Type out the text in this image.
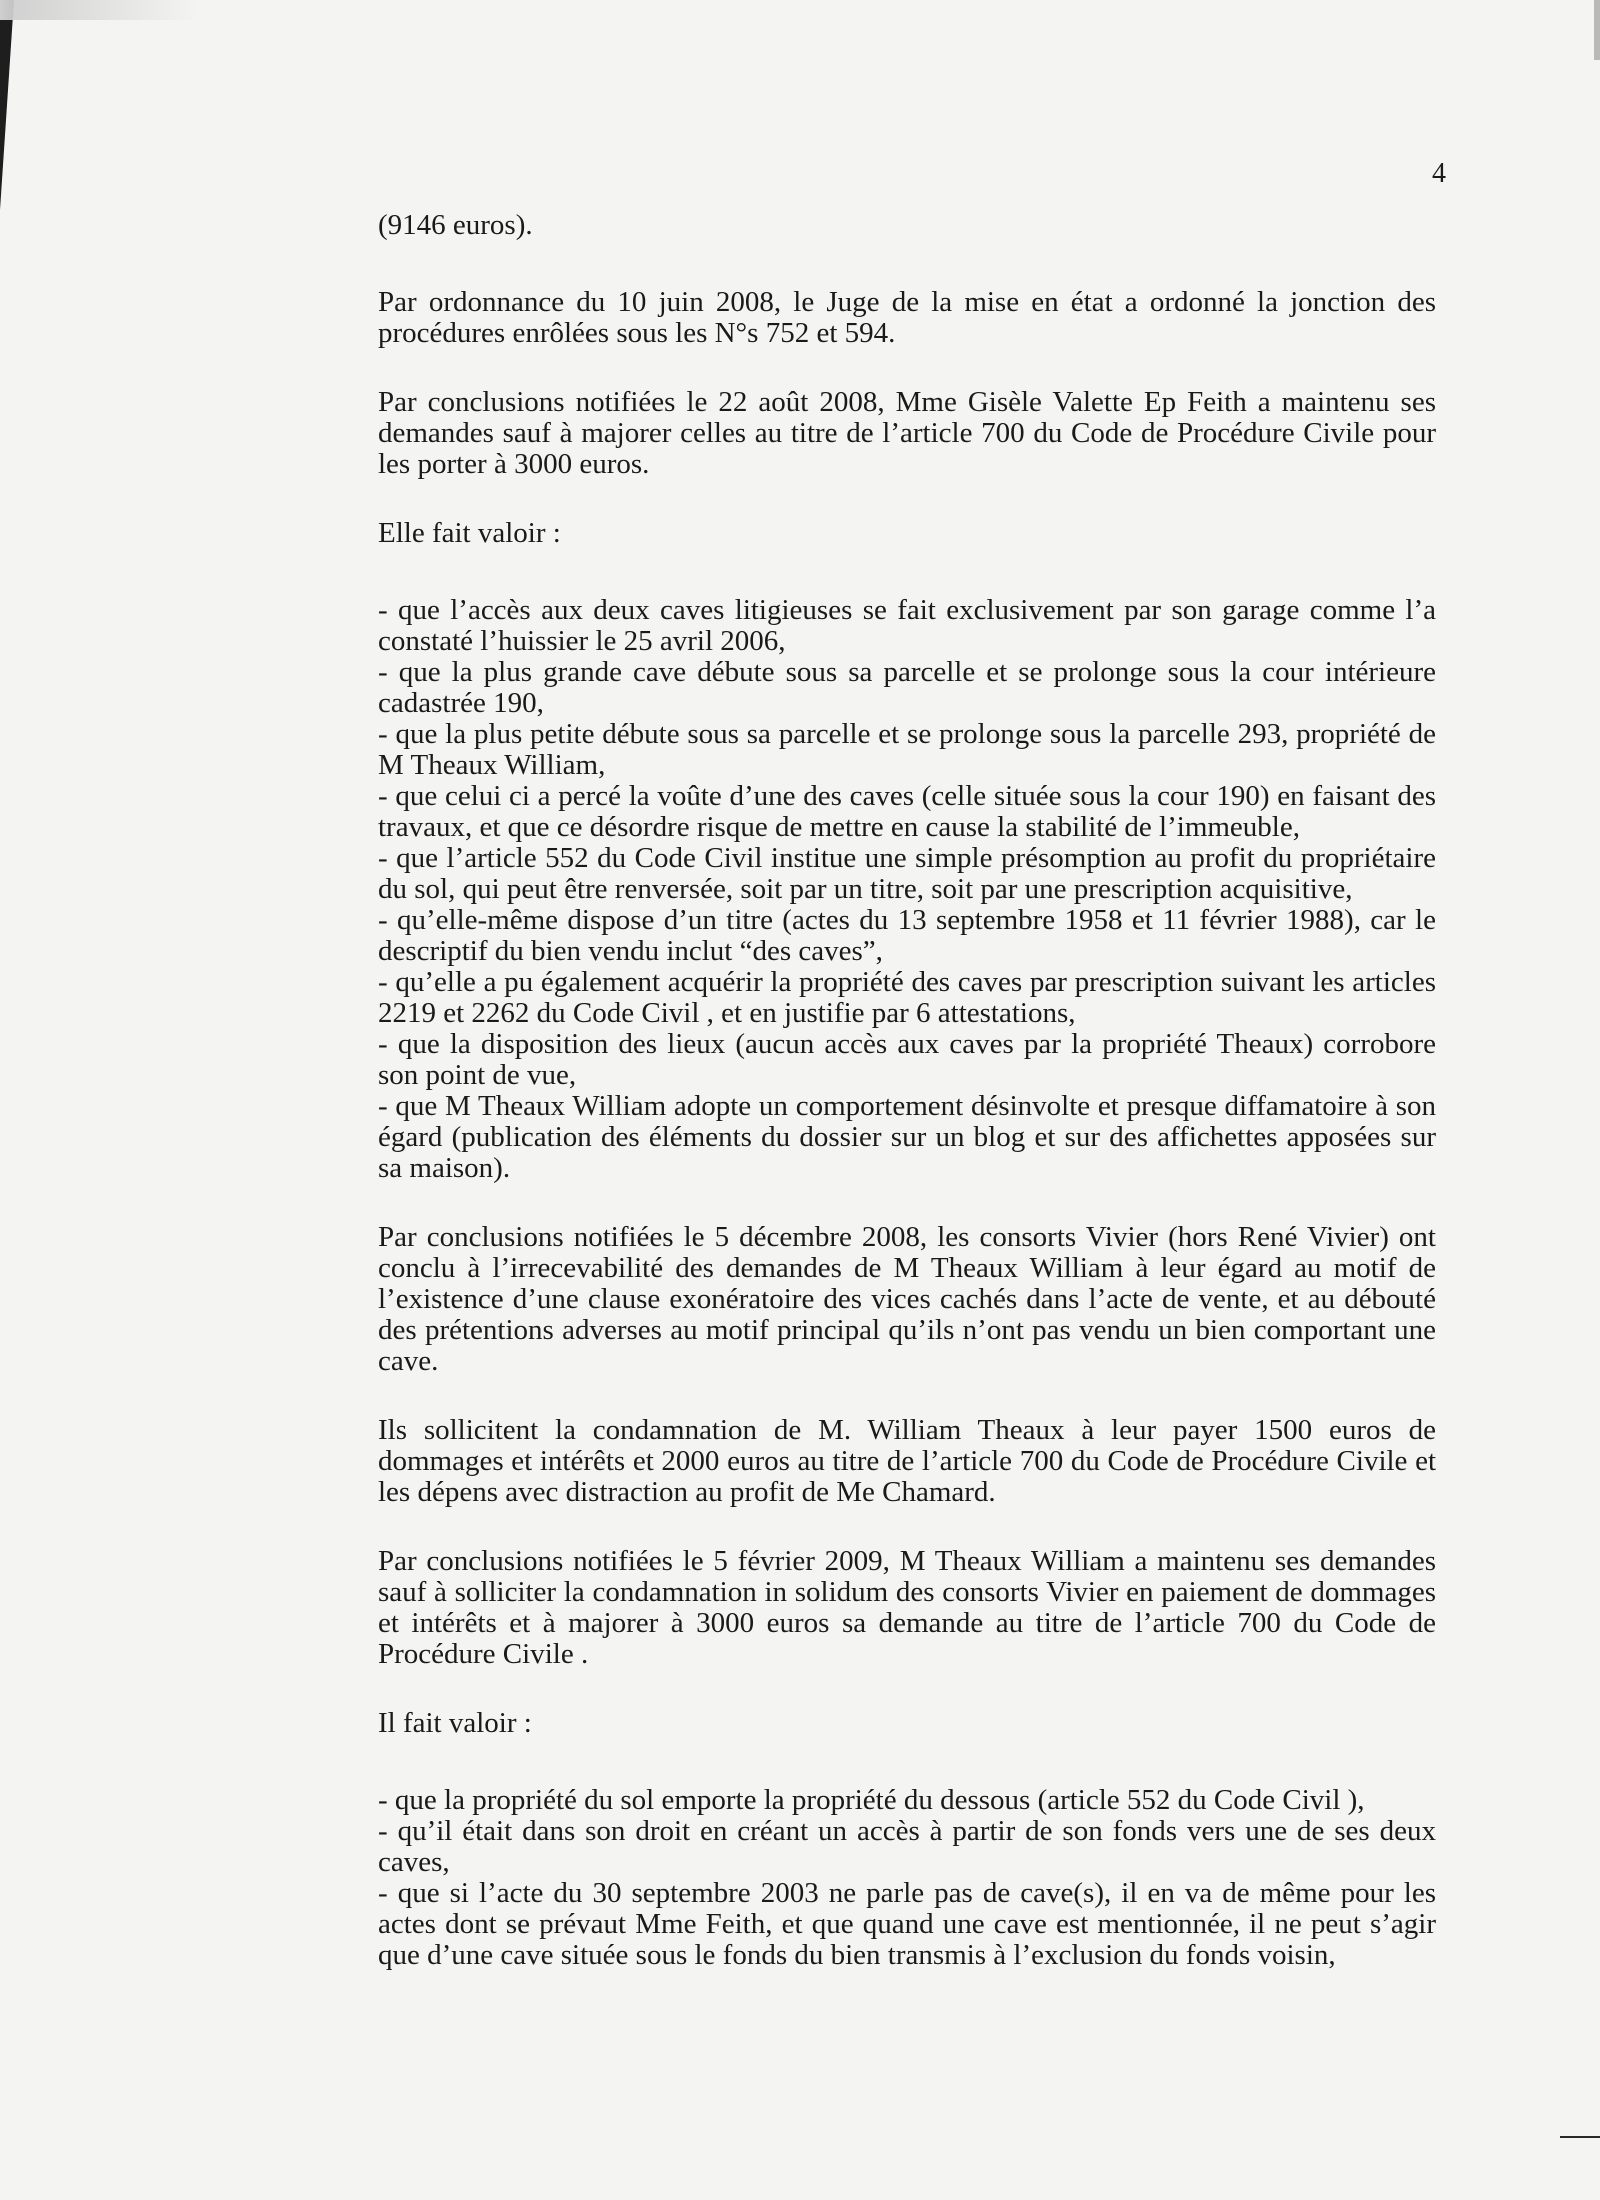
4

(9146 euros).

Par ordonnance du 10 juin 2008, le Juge de la mise en état a ordonné la jonction des procédures enrôlées sous les N°s 752 et 594.

Par conclusions notifiées le 22 août 2008, Mme Gisèle Valette Ep Feith a maintenu ses demandes sauf à majorer celles au titre de l’article 700 du Code de Procédure Civile pour les porter à 3000 euros.

Elle fait valoir :

- que l’accès aux deux caves litigieuses se fait exclusivement par son garage comme l’a constaté l’huissier le 25 avril 2006,

- que la plus grande cave débute sous sa parcelle et se prolonge sous la cour intérieure cadastrée 190,

- que la plus petite débute sous sa parcelle et se prolonge sous la parcelle 293, propriété de M Theaux William,

- que celui ci a percé la voûte d’une des caves (celle située sous la cour 190) en faisant des travaux, et que ce désordre risque de mettre en cause la stabilité de l’immeuble,

- que l’article 552 du Code Civil institue une simple présomption au profit du propriétaire du sol, qui peut être renversée, soit par un titre, soit par une prescription acquisitive,

- qu’elle-même dispose d’un titre (actes du 13 septembre 1958 et 11 février 1988), car le descriptif du bien vendu inclut “des caves”,

- qu’elle a pu également acquérir la propriété des caves par prescription suivant les articles 2219 et 2262 du Code Civil , et en justifie par 6 attestations,

- que la disposition des lieux (aucun accès aux caves par la propriété Theaux) corrobore son point de vue,

- que M Theaux William adopte un comportement désinvolte et presque diffamatoire à son égard (publication des éléments du dossier sur un blog et sur des affichettes apposées sur sa maison).

Par conclusions notifiées le 5 décembre 2008, les consorts Vivier (hors René Vivier) ont conclu à l’irrecevabilité des demandes de M Theaux William à leur égard au motif de l’existence d’une clause exonératoire des vices cachés dans l’acte de vente, et au débouté des prétentions adverses au motif principal qu’ils n’ont pas vendu un bien comportant une cave.

Ils sollicitent la condamnation de M. William Theaux à leur payer 1500 euros de dommages et intérêts et 2000 euros au titre de l’article 700 du Code de Procédure Civile et les dépens avec distraction au profit de Me Chamard.

Par conclusions notifiées le 5 février 2009, M Theaux William a maintenu ses demandes sauf à solliciter la condamnation in solidum des consorts Vivier en paiement de dommages et intérêts et à majorer à 3000 euros sa demande au titre de l’article 700 du Code de Procédure Civile .

Il fait valoir :

- que la propriété du sol emporte la propriété du dessous (article 552 du Code Civil ),

- qu’il était dans son droit en créant un accès à partir de son fonds vers une de ses deux caves,

- que si l’acte du 30 septembre 2003 ne parle pas de cave(s), il en va de même pour les actes dont se prévaut Mme Feith, et que quand une cave est mentionnée, il ne peut s’agir que d’une cave située sous le fonds du bien transmis à l’exclusion du fonds voisin,
